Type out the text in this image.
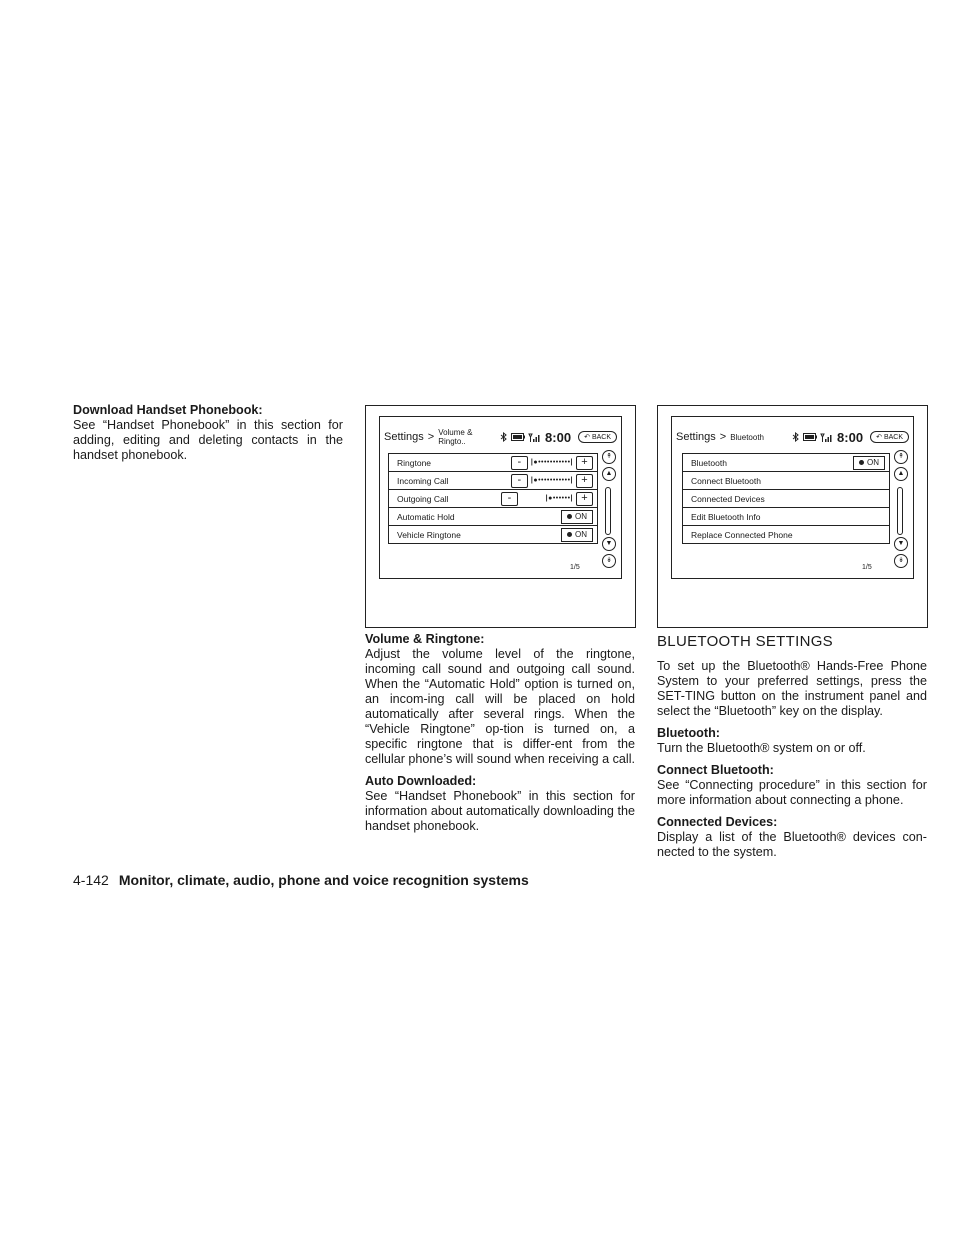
Download Handset Phonebook:

See “Handset Phonebook” in this section for adding, editing and deleting contacts in the handset phonebook.

Settings > Volume & Ringto..	8:00 ↶ BACK
Ringtone	-	|●•••••••••••| +
Incoming Call	-	|●•••••••••••| +
Outgoing Call	-	|●••••••| +
Automatic Hold	ON
Vehicle Ringtone	ON
1/5
↟
▲
▼
↡
Settings > Bluetooth	8:00 ↶ BACK
Bluetooth	ON
Connect Bluetooth
Connected Devices
Edit Bluetooth Info
Replace Connected Phone
1/5
↟
▲
▼
↡

Volume & Ringtone:

Adjust the volume level of the ringtone, incoming call sound and outgoing call sound. When the “Automatic Hold” option is turned on, an incom-ing call will be placed on hold automatically after several rings. When the “Vehicle Ringtone” op-tion is turned on, a specific ringtone that is differ-ent from the cellular phone’s will sound when receiving a call.

Auto Downloaded:

See “Handset Phonebook” in this section for information about automatically downloading the handset phonebook.

BLUETOOTH SETTINGS

To set up the Bluetooth® Hands-Free Phone System to your preferred settings, press the SET-TING button on the instrument panel and select the “Bluetooth” key on the display.

Bluetooth:

Turn the Bluetooth® system on or off.

Connect Bluetooth:

See “Connecting procedure” in this section for more information about connecting a phone.

Connected Devices:

Display a list of the Bluetooth® devices con-nected to the system.

4-142 Monitor, climate, audio, phone and voice recognition systems
